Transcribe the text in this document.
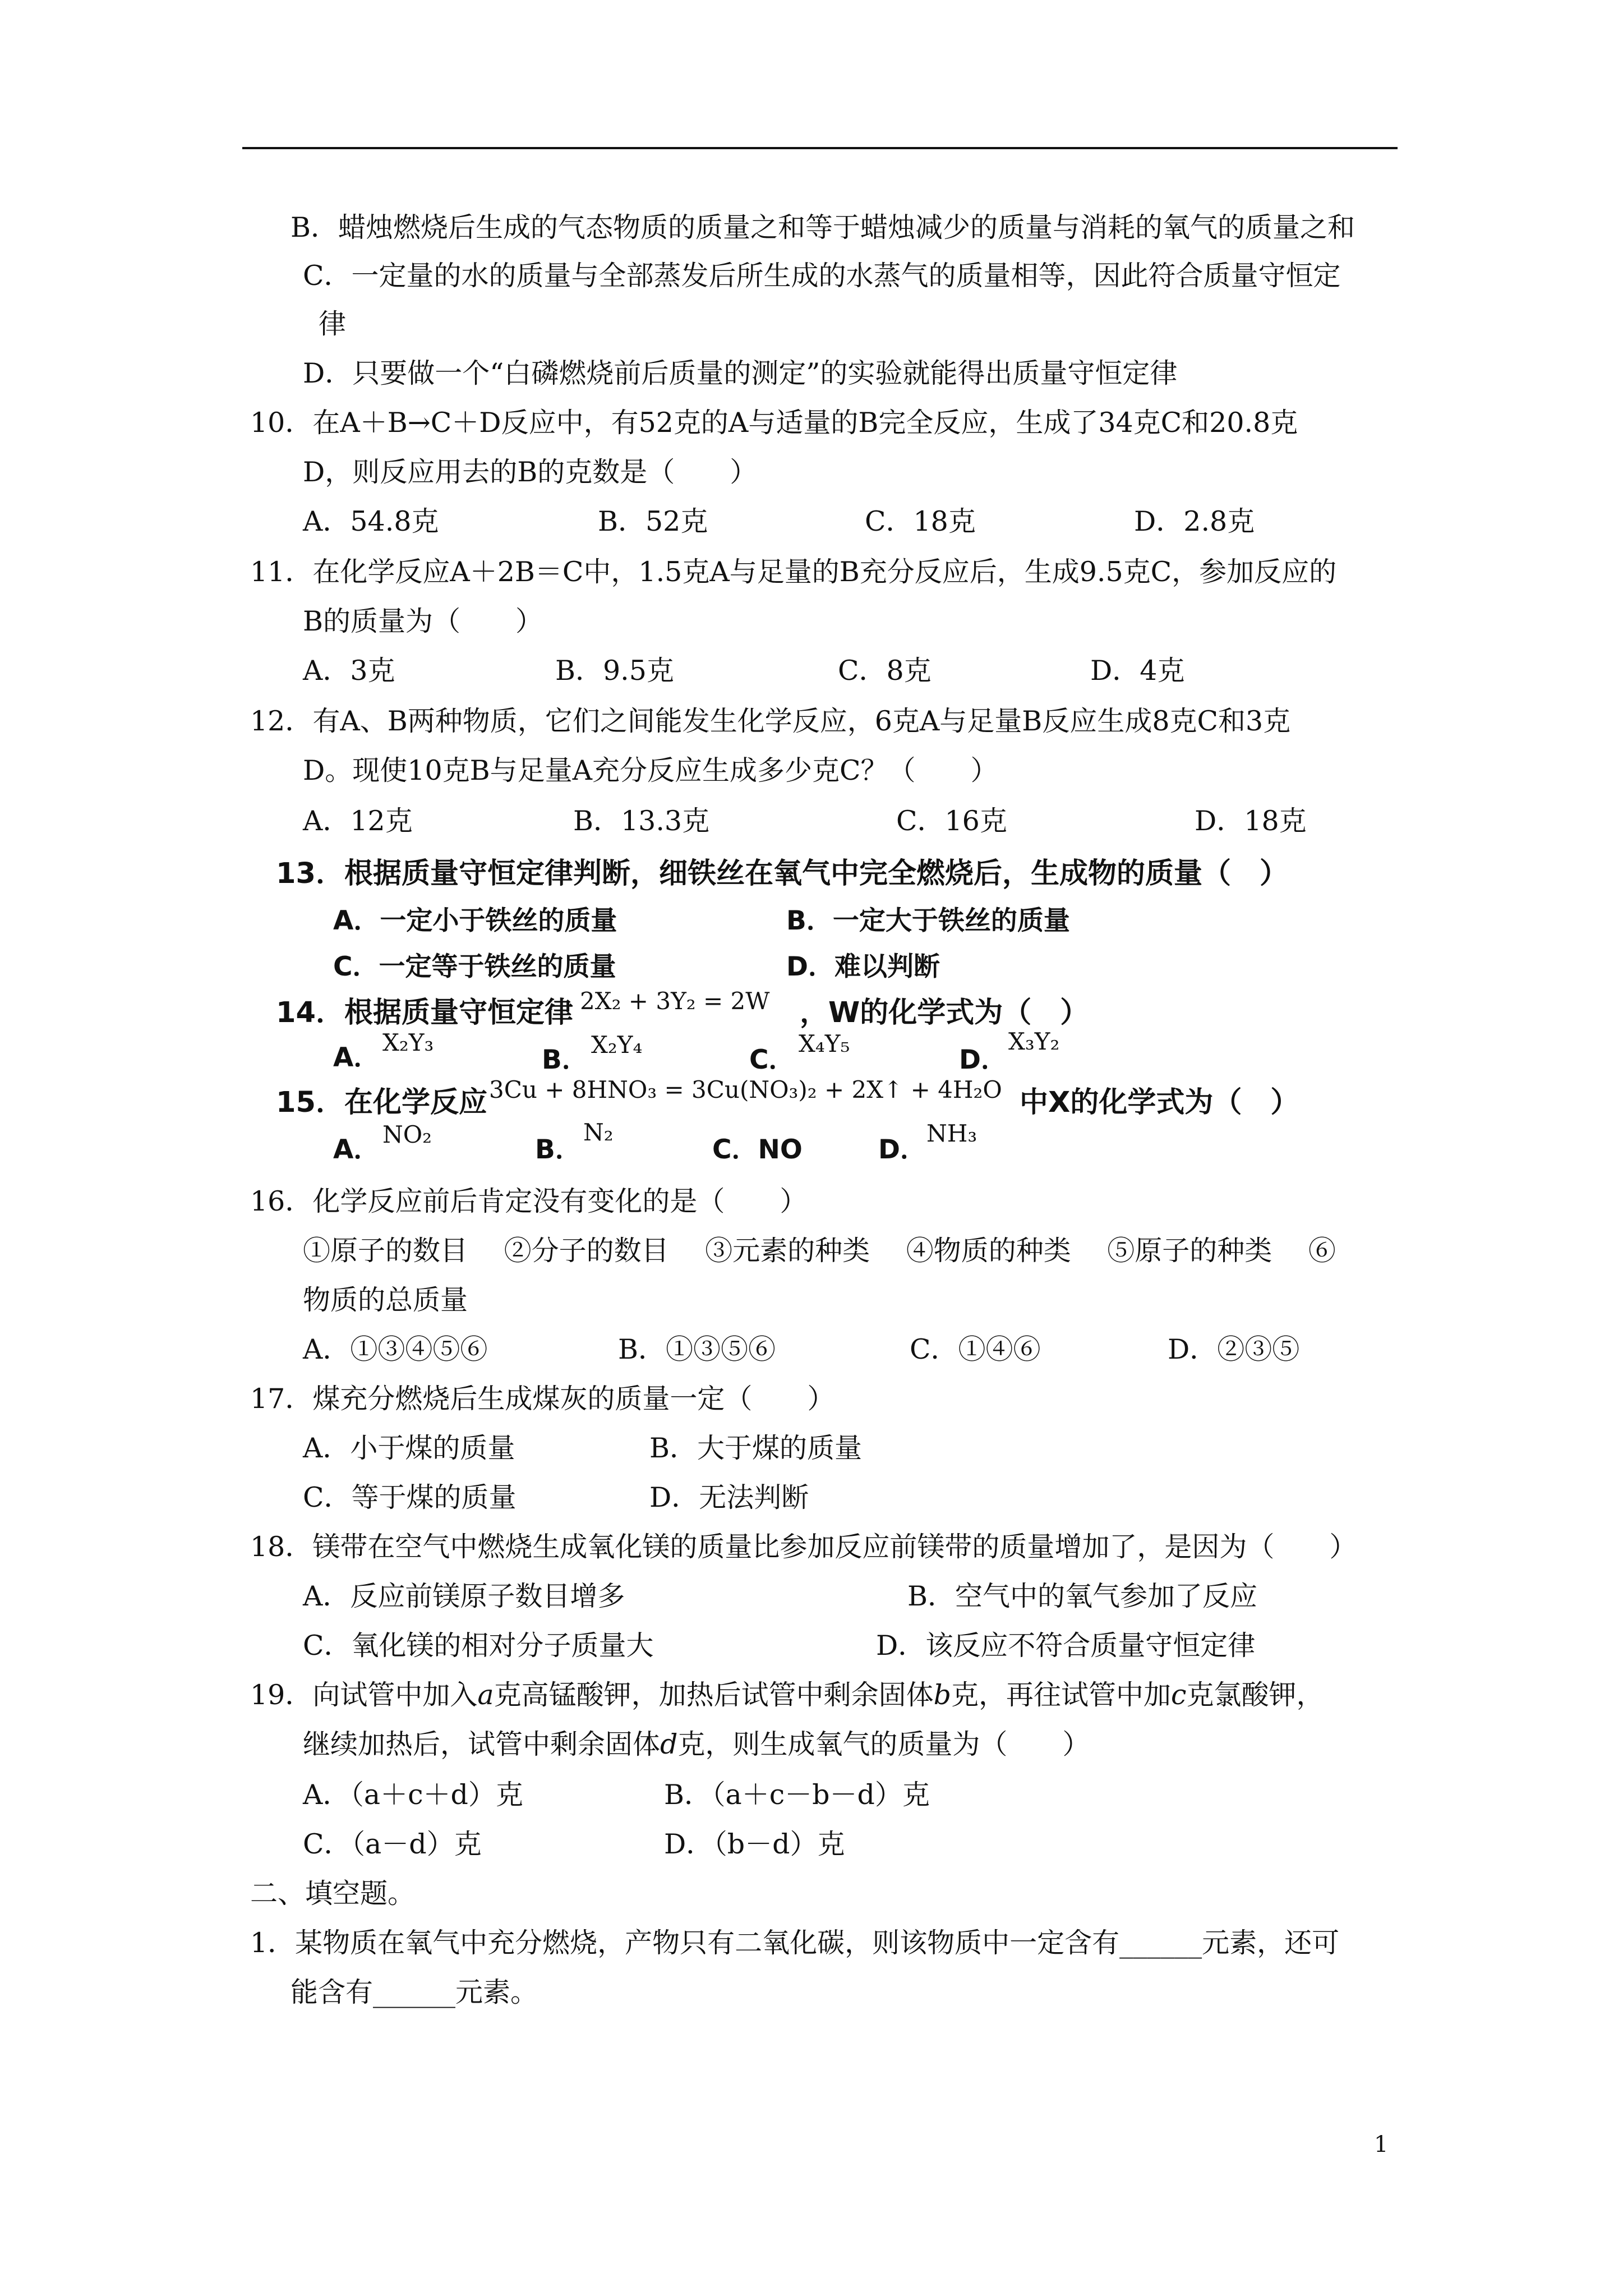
B．蜡烛燃烧后生成的气态物质的质量之和等于蜡烛减少的质量与消耗的氧气的质量之和
C．一定量的水的质量与全部蒸发后所生成的水蒸气的质量相等，因此符合质量守恒定
律
D．只要做一个“白磷燃烧前后质量的测定”的实验就能得出质量守恒定律
10．在A＋B→C＋D反应中，有52克的A与适量的B完全反应，生成了34克C和20.8克
D，则反应用去的B的克数是（　　）
A．54.8克	B．52克	C．18克	D．2.8克
11．在化学反应A＋2B＝C中，1.5克A与足量的B充分反应后，生成9.5克C，参加反应的
B的质量为（　　）
A．3克	B．9.5克	C．8克	D．4克
12．有A、B两种物质，它们之间能发生化学反应，6克A与足量B反应生成8克C和3克
D。现使10克B与足量A充分反应生成多少克C？（　　）
A．12克	B．13.3克	C．16克	D．18克
13．根据质量守恒定律判断，细铁丝在氧气中完全燃烧后，生成物的质量（　）
A．一定小于铁丝的质量	B．一定大于铁丝的质量
C．一定等于铁丝的质量	D．难以判断
14．根据质量守恒定律 2X₂ + 3Y₂ = 2W ，W的化学式为（　）
A． X₂Y₃
B． X₂Y₄	C．
X₄Y₅
D．
X₃Y₂
15．在化学反应 3Cu + 8HNO₃ = 3Cu(NO₃)₂ + 2X↑ + 4H₂O 中X的化学式为（　）
A． NO₂	B．
N₂
C．NO	D．
NH₃
16．化学反应前后肯定没有变化的是（　　）
①原子的数目　 ②分子的数目　 ③元素的种类　 ④物质的种类　 ⑤原子的种类　 ⑥
物质的总质量
A．①③④⑤⑥	B．①③⑤⑥	C．①④⑥	D．②③⑤
17．煤充分燃烧后生成煤灰的质量一定（　　）
A．小于煤的质量	B．大于煤的质量
C．等于煤的质量	D．无法判断
18．镁带在空气中燃烧生成氧化镁的质量比参加反应前镁带的质量增加了，是因为（　　）
A．反应前镁原子数目增多	B．空气中的氧气参加了反应
C．氧化镁的相对分子质量大	D．该反应不符合质量守恒定律
19．向试管中加入a克高锰酸钾，加热后试管中剩余固体b克，再往试管中加c克氯酸钾，
继续加热后，试管中剩余固体d克，则生成氧气的质量为（　　）
A．（a＋c＋d）克	B．（a＋c－b－d）克
C．（a－d）克	D．（b－d）克
二、填空题。
1．某物质在氧气中充分燃烧，产物只有二氧化碳，则该物质中一定含有______元素，还可
能含有______元素。
1
